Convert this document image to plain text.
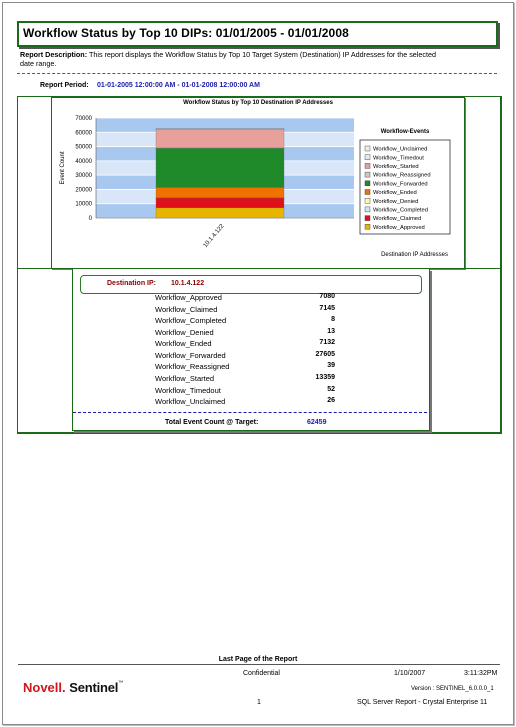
Workflow Status by Top 10 DIPs: 01/01/2005 - 01/01/2008
Report Description: This report displays the Workflow Status by Top 10 Target System (Destination) IP Addresses for the selected date range.
Report Period: 01-01-2005 12:00:00 AM - 01-01-2008 12:00:00 AM
Workflow Status by Top 10 Destination IP Addresses
0
10000
20000
30000
40000
50000
60000
70000
Event Count
10.1.4.122
Destination IP Addresses
Workflow-Events
Workflow_Unclaimed
Workflow_Timedout
Workflow_Started
Workflow_Reassigned
Workflow_Forwarded
Workflow_Ended
Workflow_Denied
Workflow_Completed
Workflow_Claimed
Workflow_Approved
Destination IP: 10.1.4.122
Workflow_Approved	7080
Workflow_Claimed	7145
Workflow_Completed	8
Workflow_Denied	13
Workflow_Ended	7132
Workflow_Forwarded	27605
Workflow_Reassigned	39
Workflow_Started	13359
Workflow_Timedout	52
Workflow_Unclaimed	26
Total Event Count @ Target:	62459
Last Page of the Report
Confidential	1/10/2007	3:11:32PM
Novell. Sentinel™
Version : SENTINEL_6.0.0.0_1
1	SQL Server Report - Crystal Enterprise 11
